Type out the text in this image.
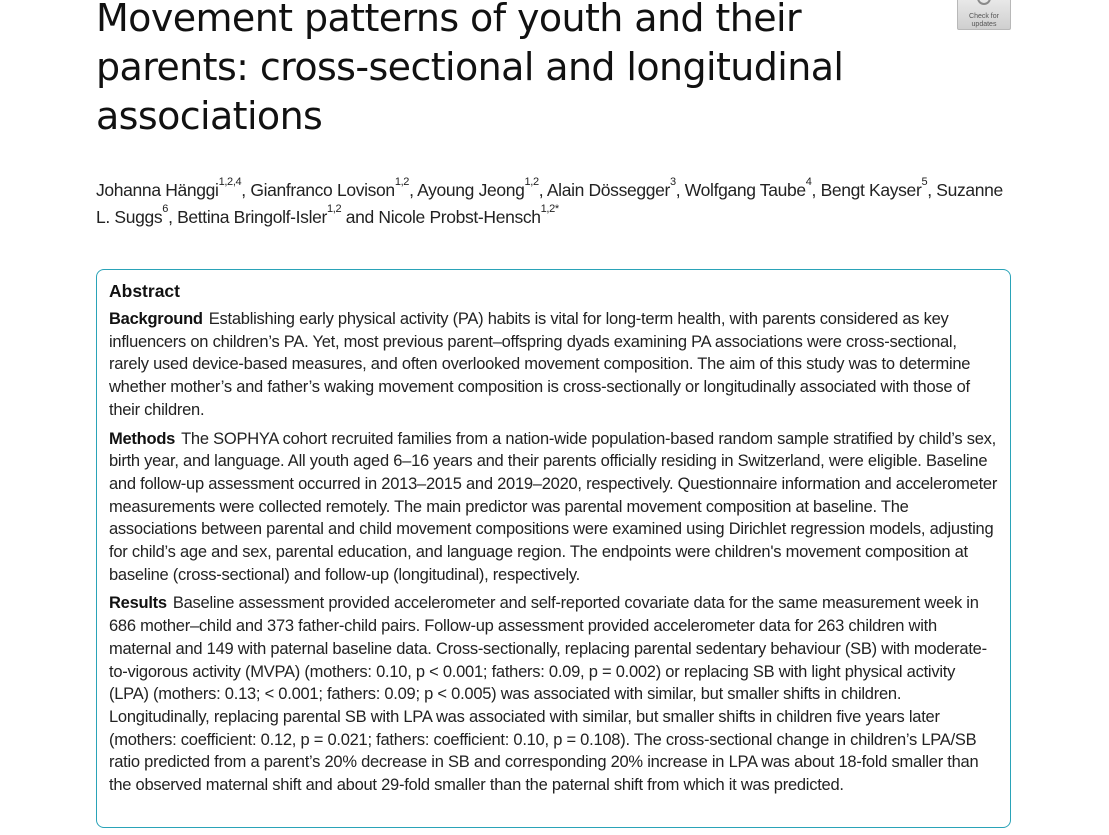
Movement patterns of youth and their parents: cross-sectional and longitudinal associations
Check for
updates

Johanna Hänggi$^{1,2,4}$, Gianfranco Lovison$^{1,2}$, Ayoung Jeong$^{1,2}$, Alain Dössegger$^3$, Wolfgang Taube$^4$, Bengt Kayser$^5$, Suzanne L. Suggs$^6$, Bettina Bringolf-Isler$^{1,2}$ and Nicole Probst-Hensch$^{1,2*}$

Abstract

Background Establishing early physical activity (PA) habits is vital for long-term health, with parents considered as key influencers on children’s PA. Yet, most previous parent–offspring dyads examining PA associations were cross-sectional, rarely used device-based measures, and often overlooked movement composition. The aim of this study was to determine whether mother’s and father’s waking movement composition is cross-sectionally or longitudinally associated with those of their children.

Methods The SOPHYA cohort recruited families from a nation-wide population-based random sample stratified by child’s sex, birth year, and language. All youth aged 6–16 years and their parents officially residing in Switzerland, were eligible. Baseline and follow-up assessment occurred in 2013–2015 and 2019–2020, respectively. Questionnaire information and accelerometer measurements were collected remotely. The main predictor was parental movement composition at baseline. The associations between parental and child movement compositions were examined using Dirichlet regression models, adjusting for child’s age and sex, parental education, and language region. The endpoints were children's movement composition at baseline (cross-sectional) and follow-up (longitudinal), respectively.

Results Baseline assessment provided accelerometer and self-reported covariate data for the same measurement week in 686 mother–child and 373 father-child pairs. Follow-up assessment provided accelerometer data for 263 children with maternal and 149 with paternal baseline data. Cross-sectionally, replacing parental sedentary behaviour (SB) with moderate-to-vigorous activity (MVPA) (mothers: 0.10, p < 0.001; fathers: 0.09, p = 0.002) or replacing SB with light physical activity (LPA) (mothers: 0.13; < 0.001; fathers: 0.09; p < 0.005) was associated with similar, but smaller shifts in children. Longitudinally, replacing parental SB with LPA was associated with similar, but smaller shifts in children five years later (mothers: coefficient: 0.12, p = 0.021; fathers: coefficient: 0.10, p = 0.108). The cross-sectional change in children’s LPA/SB ratio predicted from a parent’s 20% decrease in SB and corresponding 20% increase in LPA was about 18-fold smaller than the observed maternal shift and about 29-fold smaller than the paternal shift from which it was predicted.
